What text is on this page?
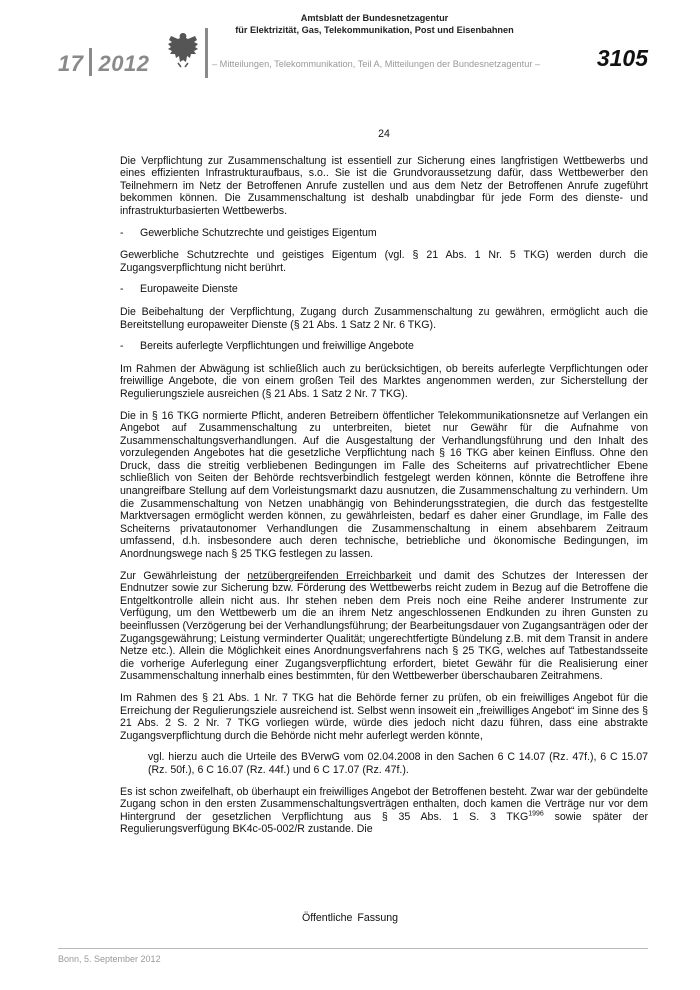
17 2012
Amtsblatt der Bundesnetzagentur
für Elektrizität, Gas, Telekommunikation, Post und Eisenbahnen
– Mitteilungen, Telekommunikation, Teil A, Mitteilungen der Bundesnetzagentur –	3105
24

Die Verpflichtung zur Zusammenschaltung ist essentiell zur Sicherung eines langfristigen Wettbewerbs und eines effizienten Infrastrukturaufbaus, s.o.. Sie ist die Grundvoraussetzung dafür, dass Wettbewerber den Teilnehmern im Netz der Betroffenen Anrufe zustellen und aus dem Netz der Betroffenen Anrufe zugeführt bekommen können. Die Zusammenschaltung ist deshalb unabdingbar für jede Form des dienste- und infrastrukturbasierten Wettbewerbs.

-	Gewerbliche Schutzrechte und geistiges Eigentum

Gewerbliche Schutzrechte und geistiges Eigentum (vgl. § 21 Abs. 1 Nr. 5 TKG) werden durch die Zugangsverpflichtung nicht berührt.

-	Europaweite Dienste

Die Beibehaltung der Verpflichtung, Zugang durch Zusammenschaltung zu gewähren, ermöglicht auch die Bereitstellung europaweiter Dienste (§ 21 Abs. 1 Satz 2 Nr. 6 TKG).

-	Bereits auferlegte Verpflichtungen und freiwillige Angebote

Im Rahmen der Abwägung ist schließlich auch zu berücksichtigen, ob bereits auferlegte Verpflichtungen oder freiwillige Angebote, die von einem großen Teil des Marktes angenommen werden, zur Sicherstellung der Regulierungsziele ausreichen (§ 21 Abs. 1 Satz 2 Nr. 7 TKG).

Die in § 16 TKG normierte Pflicht, anderen Betreibern öffentlicher Telekommunikationsnetze auf Verlangen ein Angebot auf Zusammenschaltung zu unterbreiten, bietet nur Gewähr für die Aufnahme von Zusammenschaltungsverhandlungen. Auf die Ausgestaltung der Verhandlungsführung und den Inhalt des vorzulegenden Angebotes hat die gesetzliche Verpflichtung nach § 16 TKG aber keinen Einfluss. Ohne den Druck, dass die streitig verbliebenen Bedingungen im Falle des Scheiterns auf privatrechtlicher Ebene schließlich von Seiten der Behörde rechtsverbindlich festgelegt werden können, könnte die Betroffene ihre unangreifbare Stellung auf dem Vorleistungsmarkt dazu ausnutzen, die Zusammenschaltung zu verhindern. Um die Zusammenschaltung von Netzen unabhängig von Behinderungsstrategien, die durch das festgestellte Marktversagen ermöglicht werden können, zu gewährleisten, bedarf es daher einer Grundlage, im Falle des Scheiterns privatautonomer Verhandlungen die Zusammenschaltung in einem absehbarem Zeitraum umfassend, d.h. insbesondere auch deren technische, betriebliche und ökonomische Bedingungen, im Anordnungswege nach § 25 TKG festlegen zu lassen.

Zur Gewährleistung der netzübergreifenden Erreichbarkeit und damit des Schutzes der Interessen der Endnutzer sowie zur Sicherung bzw. Förderung des Wettbewerbs reicht zudem in Bezug auf die Betroffene die Entgeltkontrolle allein nicht aus. Ihr stehen neben dem Preis noch eine Reihe anderer Instrumente zur Verfügung, um den Wettbewerb um die an ihrem Netz angeschlossenen Endkunden zu ihren Gunsten zu beeinflussen (Verzögerung bei der Verhandlungsführung; der Bearbeitungsdauer von Zugangsanträgen oder der Zugangsgewährung; Leistung verminderter Qualität; ungerechtfertigte Bündelung z.B. mit dem Transit in andere Netze etc.). Allein die Möglichkeit eines Anordnungsverfahrens nach § 25 TKG, welches auf Tatbestandsseite die vorherige Auferlegung einer Zugangsverpflichtung erfordert, bietet Gewähr für die Realisierung einer Zusammenschaltung innerhalb eines bestimmten, für den Wettbewerber überschaubaren Zeitrahmens.

Im Rahmen des § 21 Abs. 1 Nr. 7 TKG hat die Behörde ferner zu prüfen, ob ein freiwilliges Angebot für die Erreichung der Regulierungsziele ausreichend ist. Selbst wenn insoweit ein „freiwilliges Angebot“ im Sinne des § 21 Abs. 2 S. 2 Nr. 7 TKG vorliegen würde, würde dies jedoch nicht dazu führen, dass eine abstrakte Zugangsverpflichtung durch die Behörde nicht mehr auferlegt werden könnte,

vgl. hierzu auch die Urteile des BVerwG vom 02.04.2008 in den Sachen 6 C 14.07 (Rz. 47f.), 6 C 15.07 (Rz. 50f.), 6 C 16.07 (Rz. 44f.) und 6 C 17.07 (Rz. 47f.).

Es ist schon zweifelhaft, ob überhaupt ein freiwilliges Angebot der Betroffenen besteht. Zwar war der gebündelte Zugang schon in den ersten Zusammenschaltungsverträgen enthalten, doch kamen die Verträge nur vor dem Hintergrund der gesetzlichen Verpflichtung aus § 35 Abs. 1 S. 3 $TKG^{1996}$ sowie später der Regulierungsverfügung BK4c-05-002/R zustande. Die

Öffentliche Fassung
Bonn, 5. September 2012
